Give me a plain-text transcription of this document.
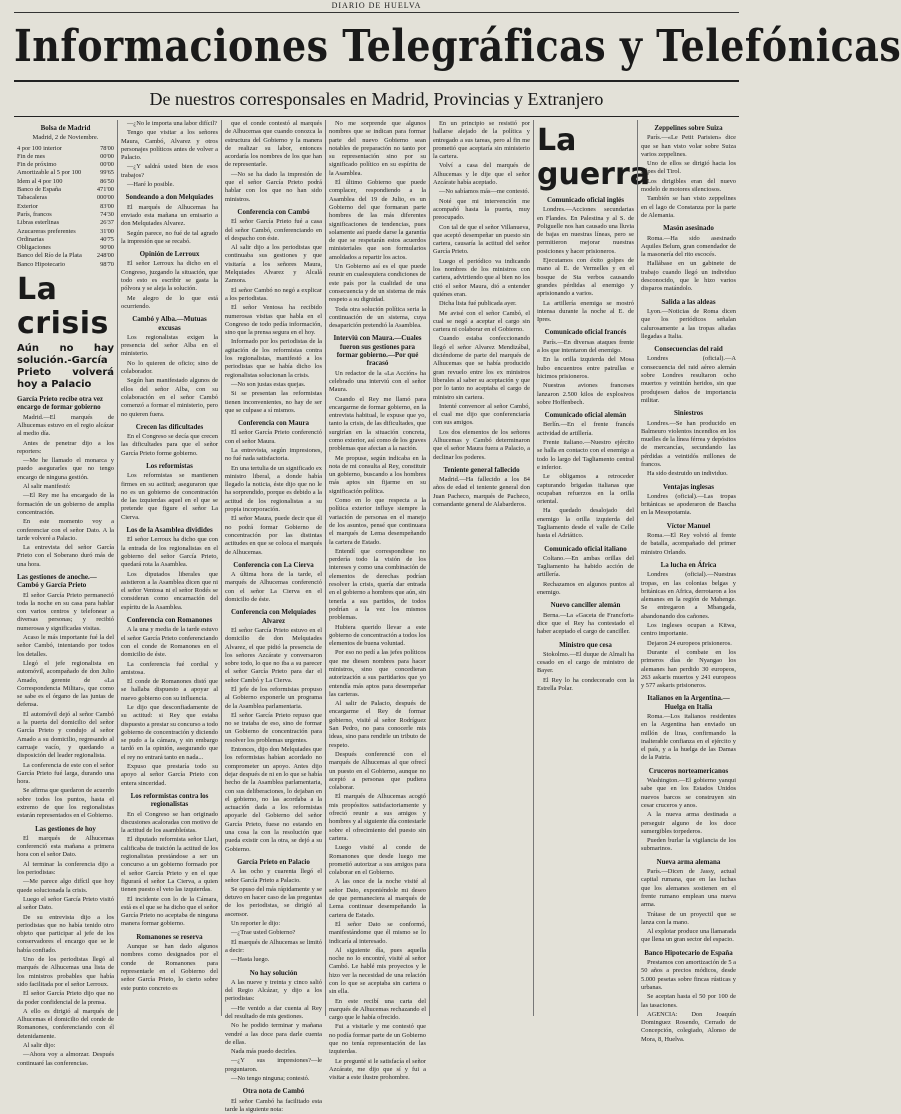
DIARIO DE HUELVA
Informaciones Telegráficas y Telefónicas
De nuestros corresponsales en Madrid, Provincias y Extranjero
Bolsa de Madrid
Madrid, 2 de Noviembre.
4 por 100 interior	78'00
Fin de mes	00'00
Fin de próximo	00'00
Amortizable al 5 por 100	99'65
Idem al 4 por 100	86'50
Banco de España	471'00
Tabacaleras	000'00
Exterior	83'00
París, francos	74'30
Libras esterlinas	26'37
Azucareras preferentes	31'00
Ordinarias	40'75
Obligaciones	90'00
Banco del Río de la Plata 248'00
Banco Hipotecario	98'70
La crisis
Aún no hay solución.-García Prieto volverá hoy a Palacio
García Prieto recibe otra vez encargo de formar gobierno

Madrid.—El marqués de Alhucemas estuvo en el regio alcázar al medio día.

Antes de penetrar dijo a los reporters:

—Me he llamado el monarca y puedo asegurarles que no tengo encargo de ninguna gestión.

Al salir manifestó:

—El Rey me ha encargado de la formación de un gobierno de amplia concentración.

En este momento voy a conferenciar con el señor Dato. A la tarde volveré a Palacio.

La entrevista del señor García Prieto con el Soberano duró más de una hora.

Las gestiones de anoche.—Cambó y García Prieto

El señor García Prieto permaneció toda la noche en su casa para hablar con varios centros y telefonear a diversas personas; y recibió numerosas y significadas visitas.

Acaso le más importante fué la del señor Cambó, intentando por todos los detalles.

Llegó el jefe regionalista en automóvil, acompañado de don Julio Amado, gerente de «La Correspondencia Militar», que como se sabe es el órgano de las juntas de defensa.

El automóvil dejó al señor Cambó a la puerta del domicilio del señor García Prieto y condujo al señor Amado a su domicilio, regresando al carruaje vacío, y quedando a disposición del leader regionalista.

La conferencia de este con el señor García Prieto fué larga, durando una hora.

Se afirma que quedaron de acuerdo sobre todos los puntos, hasta el extremo de que los regionalistas estarán representados en el Gobierno.

Las gestiones de hoy

El marqués de Alhucemas conferenció esta mañana a primera hora con el señor Dato.

Al terminar la conferencia dijo a los periodistas:

—Me parece algo difícil que hoy quede solucionada la crisis.

Luego el señor García Prieto visitó al señor Dato.

De su entrevista dijo a los periodistas que no había tenido otro objeto que participar al jefe de los conservadores el encargo que se le había confiado.

Uno de los periodistas llegó al marqués de Alhucemas una lista de los ministros probables que había sido facilitada por el señor Lerroux.

El señor García Prieto dijo que no da poder confidencial de la prensa.

A ello es dirigió al marqués de Alhucemas el domicilio del conde de Romanones, conferenciando con él detenidamente.

Al salir dijo:

—Ahora voy a almorzar. Después continuaré las conferencias.

—¿No le importa una labor difícil?

Tengo que visitar a los señores Maura, Cambó, Alvarez y otros personajes políticos antes de volver a Palacio.

—¿Y saldrá usted bien de esos trabajos?

—Haré lo posible.

Sondeando a don Melquiades

El marqués de Alhucemas ha enviado esta mañana un emisario a don Melquiades Alvarez.

Según parece, no fué de tal agrado la impresión que se recabó.

Opinión de Lerroux

El señor Lerroux ha dicho en el Congreso, juzgando la situación, que todo esto es escribir se gasta la pólvora y se aleja la solución.

Me alegro de lo que está ocurriendo.

Cambó y Alba.—Mutuas excusas

Los regionalistas exigen la presencia del señor Alba en el ministerio.

No lo quieren de oficio; sino de colaborador.

Según han manifestado algunos de ellos del señor Alba, con su colaboración en el señor Cambó comenzó a formar el ministerio, pero no quieren fuera.

Crecen las dificultades

En el Congreso se decía que crecen las dificultades para que el señor García Prieto forme gobierno.

Los reformistas

Los reformistas se mantienen firmes en su actitud; aseguraron que no es un gobierno de concentración de las izquierdas aquel en el que se pretende que figure el señor La Cierva.

Los de la Asamblea dividides

El señor Lerroux ha dicho que con la entrada de los regionalistas en el gobierno del señor García Prieto, quedará rota la Asamblea.

Los diputados liberales que asistieron a la Asamblea dicen que ni el señor Ventosa ni el señor Rodés se consideran como encarnación del espíritu de la Asamblea.

Conferencia con Romanones

A la una y media de la tarde estuvo el señor García Prieto conferenciando con el conde de Romanones en el domicilio de éste.

La conferencia fué cordial y amistosa.

El conde de Romanones distó que se hallaba dispuesto a apoyar al nuevo gobierno con su influencia.

Le dijo que desconfiadamente de su actitud: si Rey que estaba dispuesto a prestar su concurso a todo gobierno de concentración y diciendo se pudo a la cámara, y sin embargo tardó en la opinión, asegurando que el rey no entrará tanto en nada...

Expuso que prestaría todo su apoyo al señor García Prieto con entera sinceridad.

Los reformistas contra los regionalistas

En el Congreso se han originado discusiones acaloradas con motivo de la actitud de los asambleístas.

El diputado reformista señor Llari, calificaba de traición la actitud de los regionalistas prestándose a ser un concurso a un gobierno formado por el señor García Prieto y en el que figurará el señor La Cierva, a quien tienen puesto el veto las izquierdas.

El incidente con lo de la Cámara, está es el que se ha dicho que el señor García Prieto no aceptaba de ninguna manera formar gobierno.

Romanones se reserva

Aunque se han dado algunos nombres como designados por el conde de Romanones para representarle en el Gobierno del señor García Prieto, lo cierto sobre este punto concreto es

que el conde contestó al marqués de Alhucemas que cuando conozca la estructura del Gobierno y la manera de realizar su labor, entonces acordaría los nombres de los que han de representarle.

—No se ha dado la impresión de que el señor García Prieto podrá hablar con los que no han sido ministros.

Conferencia con Cambó

El señor García Prieto fué a casa del señor Cambó, conferenciando en el despacho con éste.

Al salir dijo a los periodistas que continuaba sus gestiones y que visitaría a los señores Maura, Melquiades Alvarez y Alcalá Zamora.

El señor Cambó no negó a explicar a los periodistas.

El señor Ventosa ha recibido numerosas visitas que habla en el Congreso de todo pedía información, sino que la prensa segura en el hoy.

Informado por los periodistas de la agitación de los reformistas contra los regionalistas, manifestó a los periodistas que se había dicho los regionalistas solucionan la crisis.

—No son justas estas quejas.

Si se presentan las reformistas tienen inconvenientes, no hay de ser que se culpase a sí mismos.

Conferencia con Maura

El señor García Prieto conferenció con el señor Maura.

La entrevista, según impresiones, no fué nada satisfactoria.

En una tertulia de un significado ex ministro liberal, a donde había llegado la noticia, éste dijo que no le ha sorprendido, porque es debido a la actitud de los regionalistas a su propia incorporación.

El señor Maura, puede decir que él no podrá formar Gobierno de concentración por las distintas actitudes en que se coloca el marqués de Alhucemas.

Conferencia con La Cierva

A última hora de la tarde, el marqués de Alhucemas conferenció con el señor La Cierva en el domicilio de éste.

Conferencia con Melquiades Alvarez

El señor García Prieto estuvo en el domicilio de don Melquiades Alvarez, el que pidió la presencia de los señores Azcárate y conversaron sobre todo, lo que no iba a su parecer el señor García Prieto para dar el señor Cambó y La Cierva.

El jefe de los reformistas propuso al Gobierno exponerle un programa de la Asamblea parlamentaria.

El señor García Prieto repuso que no se trataba de eso, sino de formar un Gobierno de concentración para resolver los problemas urgentes.

Entonces, dijo don Melquiades que los reformistas habían acordado no comprometer un apoyo. Antes dijo dejar después de ni en lo que se había hecho de la Asamblea parlamentaria, con sus deliberaciones, lo dejaban en el gobierno, no las acordaba a la actuación dada a los reformistas apoyarle del Gobierno del señor García Prieto, fuese no estando en una cosa la con la resolución que pueda existir con la otra, se dejó a su Gobierno.

García Prieto en Palacio

A las ocho y cuarenta llegó el señor García Prieto a Palacio.

Se opuso del más rápidamente y se detuvo en hacer caso de las preguntas de los periodistas, se dirigió al ascensor.

Un reporter le dijo:

—¿Trae usted Gobierno?

El marqués de Alhucemas se limitó a decir:

—Hasta luego.

No hay solución

A las nueve y treinta y cinco salió del Regio Alcázar, y dijo a los periodistas:

—He venido a dar cuenta al Rey del resultado de mis gestiones.

No he podido terminar y mañana vendré a las doce para darle cuenta de ellas.

Nada más puedo decirles.

—¿Y sus impresiones?—le preguntaron.

—No tengo ninguna; contestó.

Otra nota de Cambó

El señor Cambó ha facilitado esta tarde la siguiente nota:

No me sorprende que algunos nombres que se indican para formar parte del nuevo Gobierno sean notables de preparación no tanto por su representación sino por su significado político en su espíritu de la Asamblea.

El último Gobierno que puede complacer, respondiendo a la Asamblea del 19 de Julio, es un Gobierno del que formaran parte hombres de las más diferentes significaciones de tendencias, pues solamente así puede darse la garantía de que se respetarán estos acuerdos ministeriales que son formularios amoldados a repartir los actos.

Un Gobierno así es el que puede reunir en cualesquiera condiciones de este país por la cualidad de una consecuencia y de un sistema de más respeto a su dignidad.

Toda otra solución política seria la continuación de un sistema, cuya desaparición pretendió la Asamblea.

Interviú con Maura.—Cuales fueron sus gestiones para formar gobierno.—Por qué fracasó

Un redactor de la «La Acción» ha celebrado una interviú con el señor Maura.

Cuando el Rey me llamó para encargarme de formar gobierno, en la entrevista habitual, le expuse que yo, tanto la crisis, de las dificultades, que surgirían en la situación concreta, como exterior, así como de los graves problemas que afectan a la nación.

Me propuse, según indicaba en la nota de mi consulta al Rey, constituir un gobierno, buscando a los hombres más aptos sin fijarme en su significación política.

Como en lo que respecta a la política exterior influye siempre la variación de personas en el manejo de los asuntos, pensé que continuara el marqués de Lema desempeñando la cartera de Estado.

Entendí que correspondiese no perdería todo la visión de los intereses y como una combinación de elementos de derechas podrían resolver la crisis, quería dar entrada en el gobierno a hombres que aún, sin tenerla a sus partidos, de todos podrían a la vez los mismos problemas.

Hubiera querido llevar a este gobierno de concentración a todos los elementos de buena voluntad.

Por eso no pedí a las jefes políticos que me diesen nombres para hacer ministros, sino que concedieran autorización a sus partidarios que yo entendía más aptos para desempeñar las carteras.

Al salir de Palacio, después de encargarme el Rey de formar gobierno, visité al señor Rodríguez San Pedro, no para conocerle mis ideas, sino para rendirle un tributo de respeto.

Después conferencié con el marqués de Alhucemas al que ofrecí un puesto en el Gobierno, aunque no aceptó a personas que pudiera colaborar.

El marqués de Alhucemas acogió mis propósitos satisfactoriamente y ofreció reunir a sus amigos y hombres y al siguiente día contestarle sobre el ofrecimiento del puesto sin cartera.

Luego visité al conde de Romanones que desde luego me prometió autorizar a sus amigos para colaborar en el Gobierno.

A las once de la noche visité al señor Dato, exponiéndole mi deseo de que permaneciera al marqués de Lema continuar desempeñando la cartera de Estado.

El señor Dato se conformó, manifestándome que él mismo se lo indicaría al interesado.

Al siguiente día, pues aquella noche no lo encontré, visité al señor Cambó. Le hablé mis proyectos y le hizo ver la necesidad de una relación con lo que se aceptaba sin cartera o sin ella.

En este recibí una carta del marqués de Alhucemas rechazando el cargo que le había ofrecido.

Fui a visitarle y me contestó que no podía formar parte de un Gobierno que no tenía representación de las izquierdas.

Le pregunté si le satisfacía el señor Azcárate, me dijo que sí y fui a visitar a este ilustre prohombre.

En un principio se resistió por hallarse alejado de la política y entregado a sus tareas, pero al fin me prometió que aceptaría sin ministerio la cartera.

Volví a casa del marqués de Alhucemas y le dije que el señor Azcárate había aceptado.

—No sabíamos más—me contestó.

Noté que mi intervención me acompañó hasta la puerta, muy preocupado.

Con tal de que el señor Villanueva, que aceptó desempeñar un puesto sin cartera, causaría la actitud del señor García Prieto.

Luego el periódico va indicando los nombres de los ministros con cartera, advirtiendo que al bien no los citó el señor Maura, dió a entender quiénes eran.

Dicha lista fué publicada ayer.

Me avisé con el señor Cambó, el cual se negó a aceptar el cargo sin cartera ni colaborar en el Gobierno.

Cuando estaba confeccionando llegó el señor Alvarez Mendizábal, diciéndome de parte del marqués de Alhucemas que se había producido gran revuelo entre los ex ministros liberales al saber su aceptación y que por lo tanto no aceptaba el cargo de ministro sin cartera.

Intenté convencer al señor Cambó, el cual me dijo que conferenciaría con sus amigos.

Los dos elementos de los señores Alhucemas y Cambó determinaron que el señor Maura fuera a Palacio, a declinar los poderes.

Teniente general fallecido

Madrid.—Ha fallecido a los 84 años de edad el teniente general don Juan Pacheco, marqués de Pacheco, comandante general de Alabarderos.

La guerra
Comunicado oficial inglés

Londres.—Acciones secundarias en Flandes. En Palestina y al S. de Poliguelle nos han causado una lluvia de bajas en nuestras líneas, pero se permitieron mejorar nuestras posiciones y hacer prisioneros.

Ejecutamos con éxito golpes de mano al E. de Vermelles y en el bosque de Sta verbos causando grandes pérdidas al enemigo y aprisionando a varios.

La artillería enemiga se mostró intensa durante la noche al E. de Ipres.

Comunicado oficial francés

París.—En diversas ataques frente a los que intentaron del enemigo.

En la orilla izquierda del Mosa hubo encuentros entre patrullas e hicimos prisioneros.

Nuestras aviones franceses lanzaron 2.500 kilos de explosivos sobre Hoffenbech.

Comunicado oficial alemán

Berlín.—En el frente francés actividad de artillería.

Frente italiano.—Nuestro ejército se halla en contacto con el enemigo a todo lo largo del Tagliamento central e inferior.

Le obligamos a retroceder capturando brigadas italianas que ocupaban refuerzos en la orilla oriental.

Ha quedado desalojado del enemigo la orilla izquierda del Tagliamento desde el valle de Celle hasta el Adriático.

Comunicado oficial italiano

Coltano.—En ambas orillas del Tagliamento ha habido acción de artillería.

Rechazamos en algunos puntos al enemigo.

Nuevo canciller alemán

Berna.—La «Gaceta de Francfort» dice que el Rey ha contestado el haber aceptado el cargo de canciller.

Ministro que cesa

Stokolmo.—El duque de Almali ha cesado en el cargo de ministro de Bayer.

El Rey lo ha condecorado con la Estrella Polar.

Zeppelines sobre Suiza

París.—«Le Petit Parisien» dice que se han visto volar sobre Suiza varios zeppelines.

Uno de ellos se dirigió hacia los Alpes del Tirol.

Los dirigibles eran del nuevo modelo de motores silenciosos.

También se han visto zeppelines en el lago de Constanza por la parte de Alemania.

Masón asesinado

Roma.—Ha sido asesinado Aquiles Belum, gran comendador de la masonería del rito escocés.

Hallábase en un gabinete de trabajo cuando llegó un individuo desconocido, que le hizo varios disparos matándolo.

Salida a las aldeas

Lyon.—Noticias de Roma dicen que los periódicos señalan calurosamente a las tropas aliadas llegadas a Italia.

Consecuencias del raid

Londres (oficial).—A consecuencia del raid aéreo alemán sobre Londres resultaron ocho muertos y veintiún heridos, sin que produjesen daños de importancia militar.

Siniestros

Londres.—Se han producido en Balmeuro violentos incendios en los muelles de la línea férrea y depósitos de mercancías, secundando las pérdidas a veintidós millones de francos.

Ha sido destruido un individuo.

Ventajas inglesas

Londres (oficial).—Las tropas británicas se apoderaron de Bascha en la Mesopotamia.

Víctor Manuel

Roma.—El Rey volvió al frente de batalla, acompañado del primer ministro Orlando.

La lucha en África

Londres (oficial).—Nuestras tropas, en las colonias belgas y británicas en Africa, derrotaron a los alemanes en la región de Mahenge. Se entregaron a Mbangada, abandonando dos cañones.

Los ingleses ocupan a Kitwa, centro importante.

Dejaron 24 europeos prisioneros.

Durante el combate en los primeros días de Nyangao los alemanes han perdido 30 europeos, 263 askaris muertos y 241 europeos y 577 askaris prisioneros.

Italianos en la Argentina.—Huelga en Italia

Roma.—Los italianos residentes en la Argentina han enviado un millón de liras, confirmando la inalterable confianza en el ejército y el país, y a la huelga de las Damas de la Patria.

Cruceros norteamericanos

Washington.—El gobierno yanqui sabe que en los Estados Unidos nuevos barcos se construyen sin cesar cruceros y anos.

A la nueva arma destinada a perseguir alguno de los doce sumergibles torpederos.

Pueden burlar la vigilancia de los submarinos.

Nueva arma alemana

París.—Dicen de Jassy, actual capital rumana, que en las luchas que los alemanes sostienen en el frente rumano emplean una nueva arma.

Trátase de un proyectil que se lanza con la mano.

Al explotar produce una llamarada que llena un gran sector del espacio.

Banco Hipotecario de España

Prestamos con amortización de 5 a 50 años a precios módicos, desde 5.000 pesetas sobre fincas rústicas y urbanas.

Se aceptan hasta el 50 por 100 de las tasaciones.

AGENCIA: Don Joaquín Dominguez Rosendo, Cerrado de Concepción, colegiado, Alonso de Mora, 8, Huelva.
